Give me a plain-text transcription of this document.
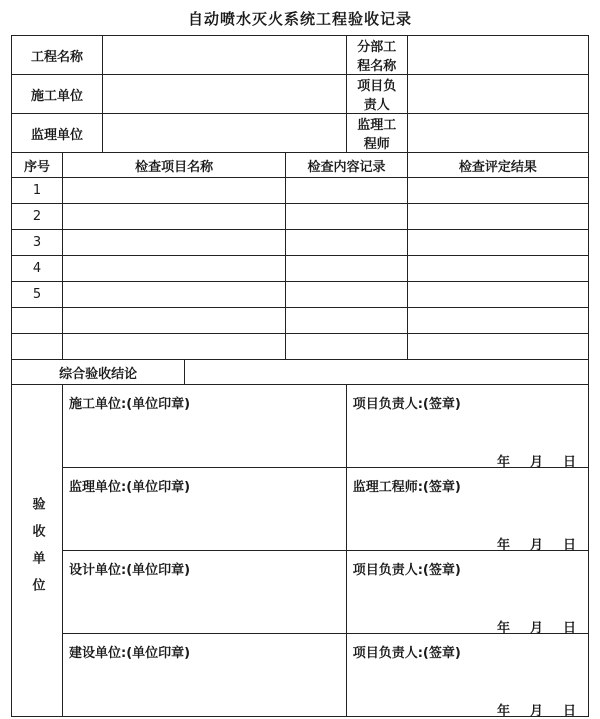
自动喷水灭火系统工程验收记录
工程名称					分部工程名称	
施工单位					项目负责人	
监理单位					监理工程师	
序号	检查项目名称			检查内容记录		检查评定结果
1						
2						
3						
4						
5						

综合验收结论						
验收单位	施工单位:(单位印章)				项目负责人:(签章)
年 月 日	

	监理单位:(单位印章)				监理工程师:(签章)
年 月 日	

	设计单位:(单位印章)				项目负责人:(签章)
年 月 日	

	建设单位:(单位印章)				项目负责人:(签章)
年 月 日	
